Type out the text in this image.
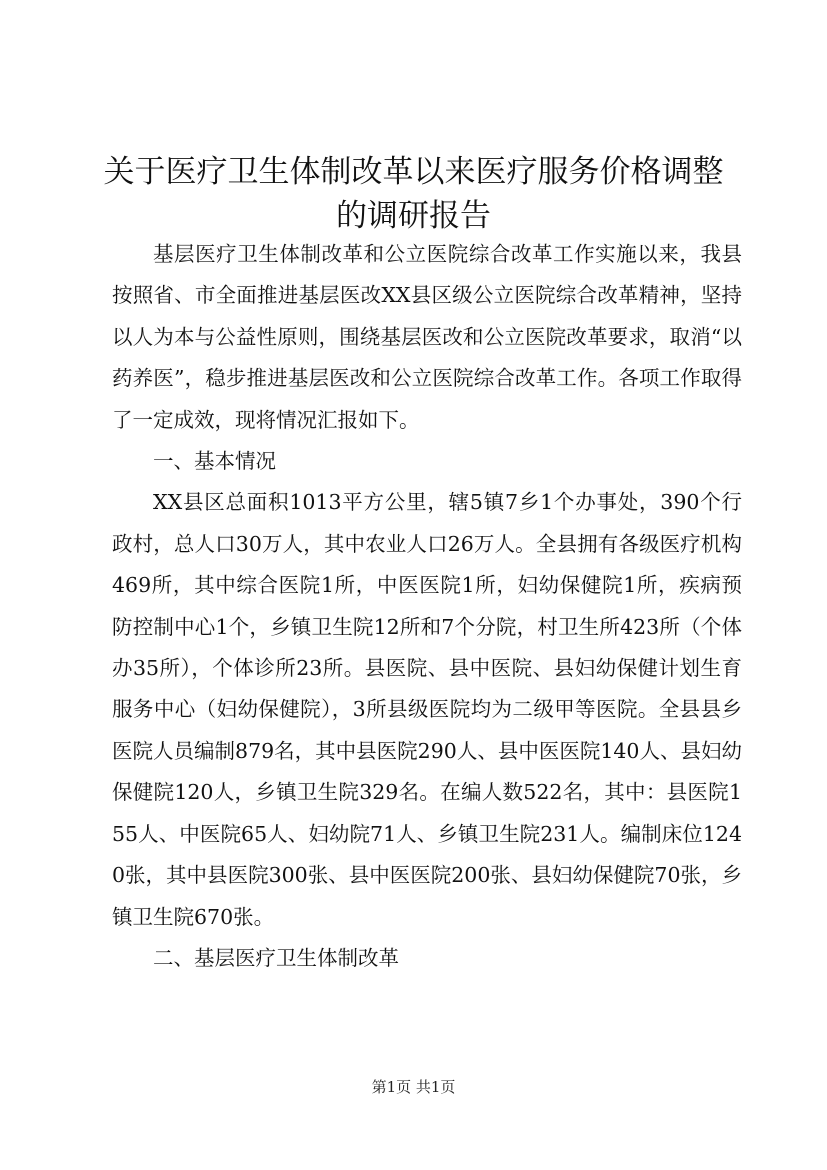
关于医疗卫生体制改革以来医疗服务价格调整的调研报告

基层医疗卫生体制改革和公立医院综合改革工作实施以来，我县按照省、市全面推进基层医改XX县区级公立医院综合改革精神，坚持以人为本与公益性原则，围绕基层医改和公立医院改革要求，取消“以药养医”，稳步推进基层医改和公立医院综合改革工作。各项工作取得了一定成效，现将情况汇报如下。

一、基本情况

XX县区总面积1013平方公里，辖5镇7乡1个办事处，390个行政村，总人口30万人，其中农业人口26万人。全县拥有各级医疗机构469所，其中综合医院1所，中医医院1所，妇幼保健院1所，疾病预防控制中心1个，乡镇卫生院12所和7个分院，村卫生所423所（个体办35所），个体诊所23所。县医院、县中医院、县妇幼保健计划生育服务中心（妇幼保健院），3所县级医院均为二级甲等医院。全县县乡医院人员编制879名，其中县医院290人、县中医医院140人、县妇幼保健院120人，乡镇卫生院329名。在编人数522名，其中：县医院155人、中医院65人、妇幼院71人、乡镇卫生院231人。编制床位1240张，其中县医院300张、县中医医院200张、县妇幼保健院70张，乡镇卫生院670张。

二、基层医疗卫生体制改革

第1页 共1页
